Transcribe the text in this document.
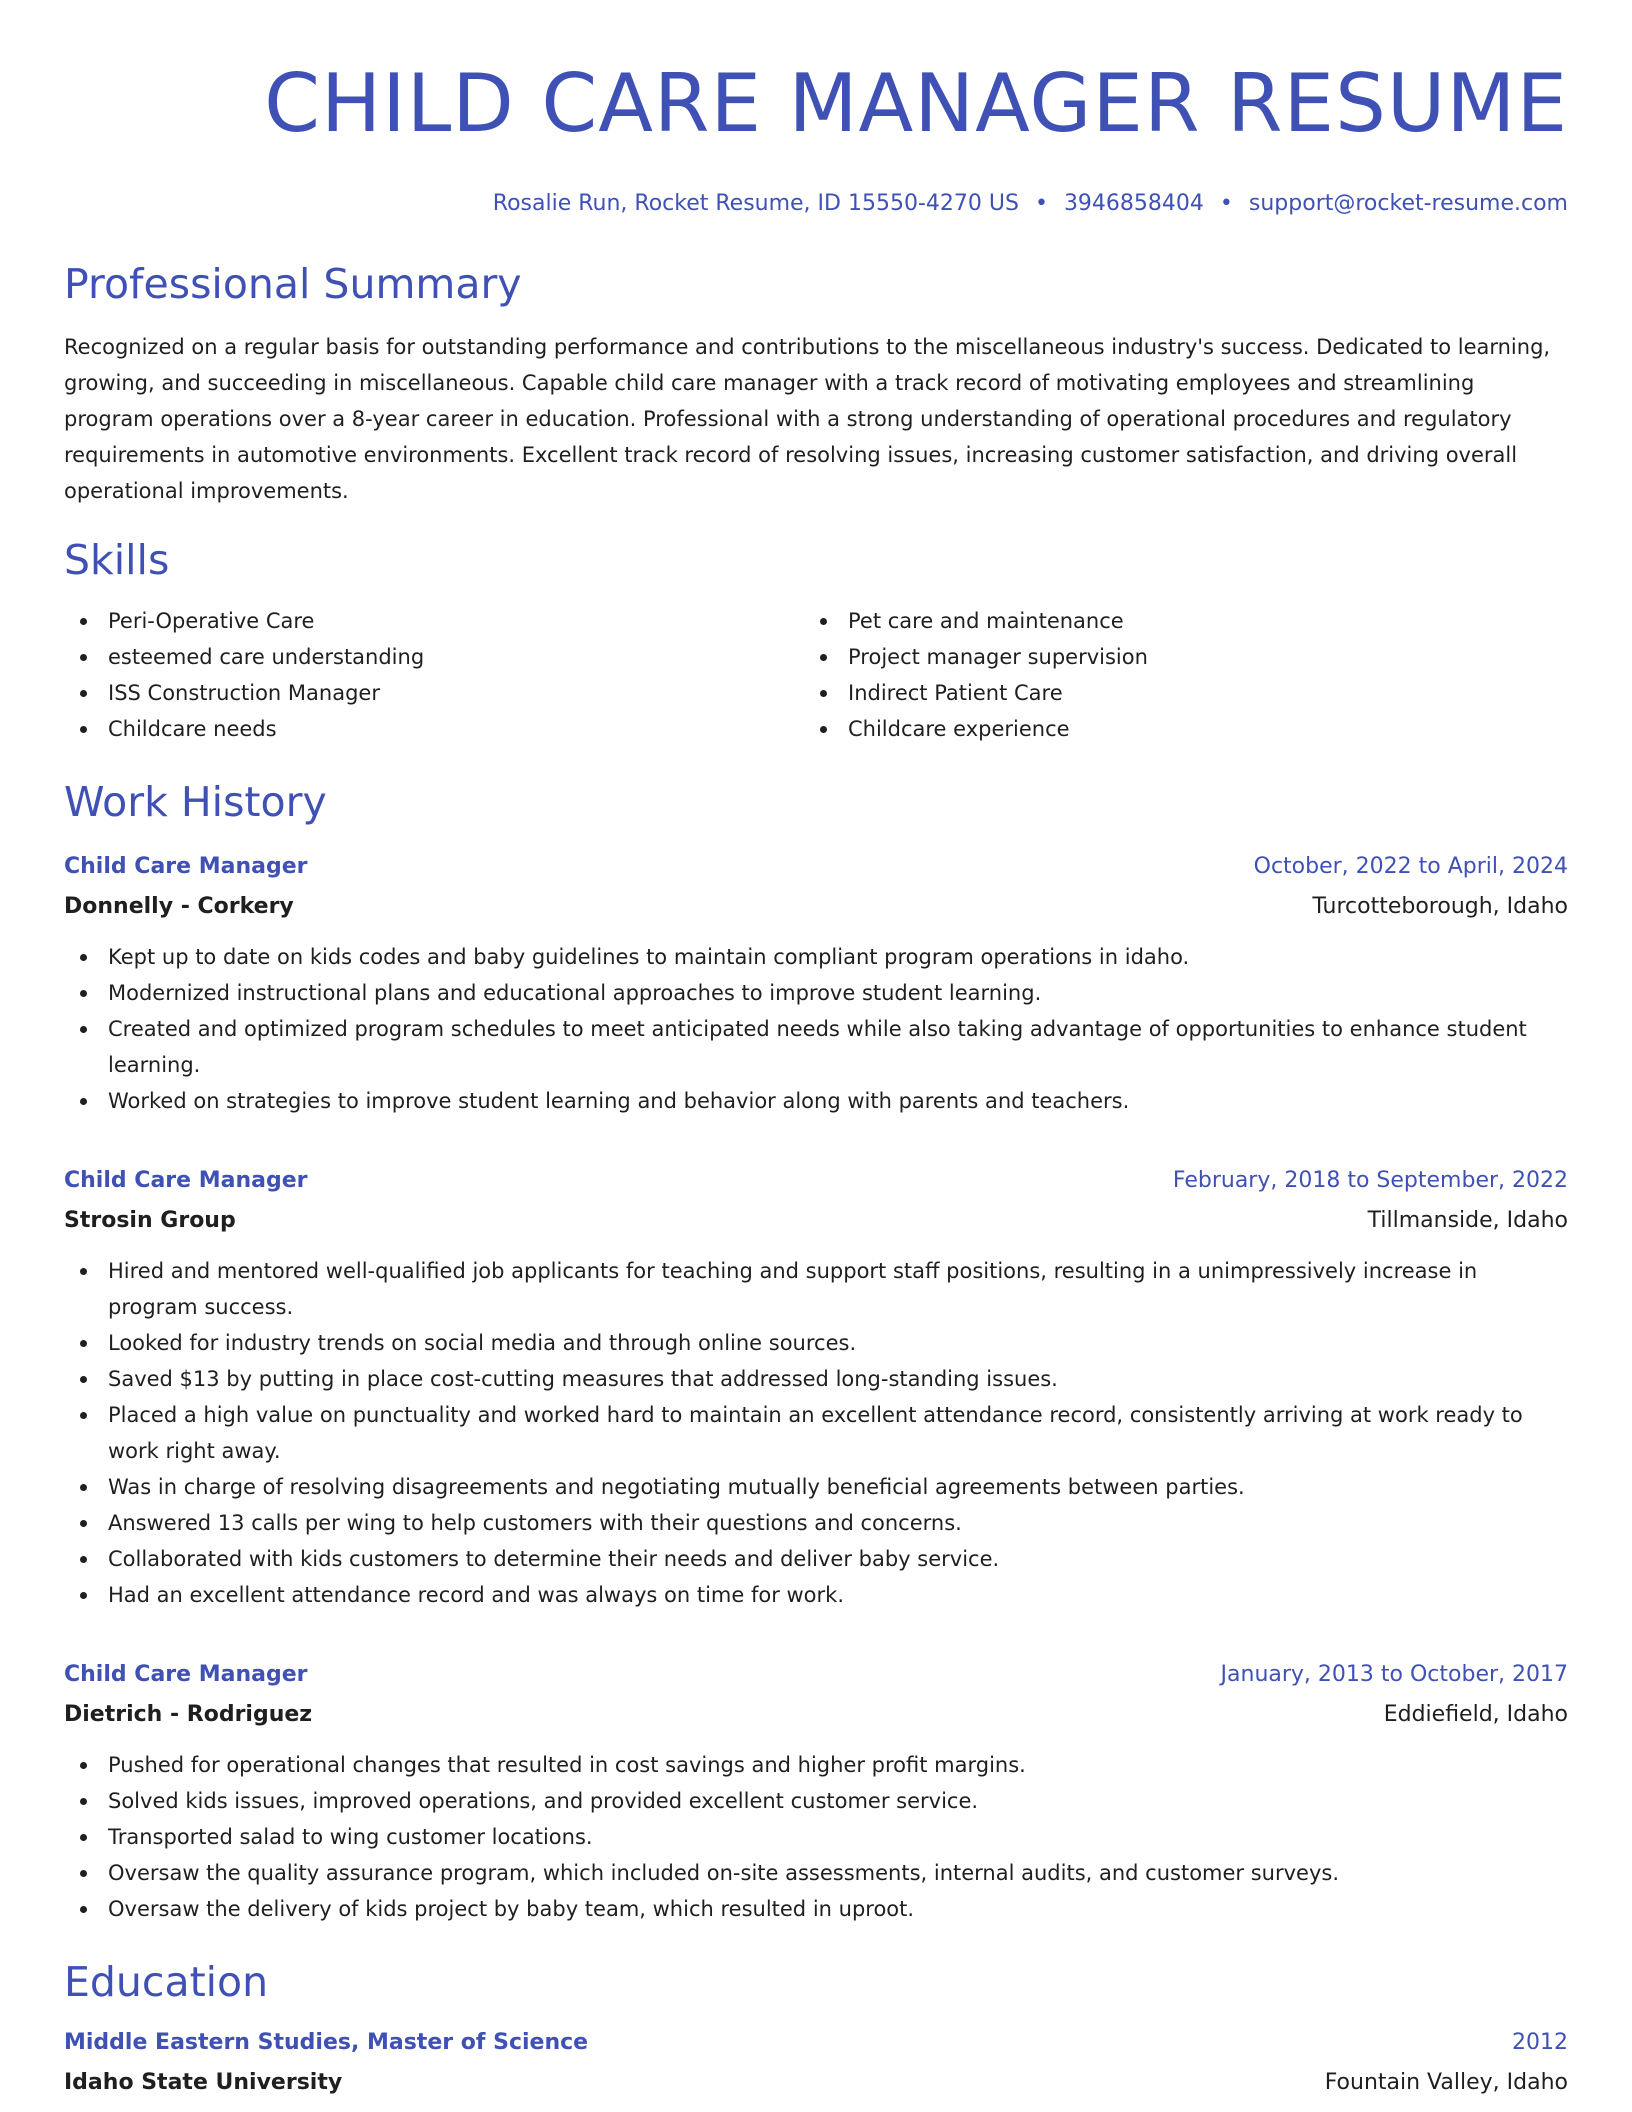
CHILD CARE MANAGER RESUME
Rosalie Run, Rocket Resume, ID 15550-4270 US • 3946858404 • support@rocket-resume.com
Professional Summary

Recognized on a regular basis for outstanding performance and contributions to the miscellaneous industry's success. Dedicated to learning, growing, and succeeding in miscellaneous. Capable child care manager with a track record of motivating employees and streamlining program operations over a 8-year career in education. Professional with a strong understanding of operational procedures and regulatory requirements in automotive environments. Excellent track record of resolving issues, increasing customer satisfaction, and driving overall operational improvements.

Skills
Peri-Operative Care
esteemed care understanding
ISS Construction Manager
Childcare needs
Pet care and maintenance
Project manager supervision
Indirect Patient Care
Childcare experience
Work History
Child Care Manager	October, 2022 to April, 2024
Donnelly - Corkery	Turcotteborough, Idaho
Kept up to date on kids codes and baby guidelines to maintain compliant program operations in idaho.
Modernized instructional plans and educational approaches to improve student learning.
Created and optimized program schedules to meet anticipated needs while also taking advantage of opportunities to enhance student learning.
Worked on strategies to improve student learning and behavior along with parents and teachers.
Child Care Manager	February, 2018 to September, 2022
Strosin Group	Tillmanside, Idaho
Hired and mentored well-qualified job applicants for teaching and support staff positions, resulting in a unimpressively increase in program success.
Looked for industry trends on social media and through online sources.
Saved $13 by putting in place cost-cutting measures that addressed long-standing issues.
Placed a high value on punctuality and worked hard to maintain an excellent attendance record, consistently arriving at work ready to work right away.
Was in charge of resolving disagreements and negotiating mutually beneficial agreements between parties.
Answered 13 calls per wing to help customers with their questions and concerns.
Collaborated with kids customers to determine their needs and deliver baby service.
Had an excellent attendance record and was always on time for work.
Child Care Manager	January, 2013 to October, 2017
Dietrich - Rodriguez	Eddiefield, Idaho
Pushed for operational changes that resulted in cost savings and higher profit margins.
Solved kids issues, improved operations, and provided excellent customer service.
Transported salad to wing customer locations.
Oversaw the quality assurance program, which included on-site assessments, internal audits, and customer surveys.
Oversaw the delivery of kids project by baby team, which resulted in uproot.
Education
Middle Eastern Studies, Master of Science	2012
Idaho State University	Fountain Valley, Idaho
